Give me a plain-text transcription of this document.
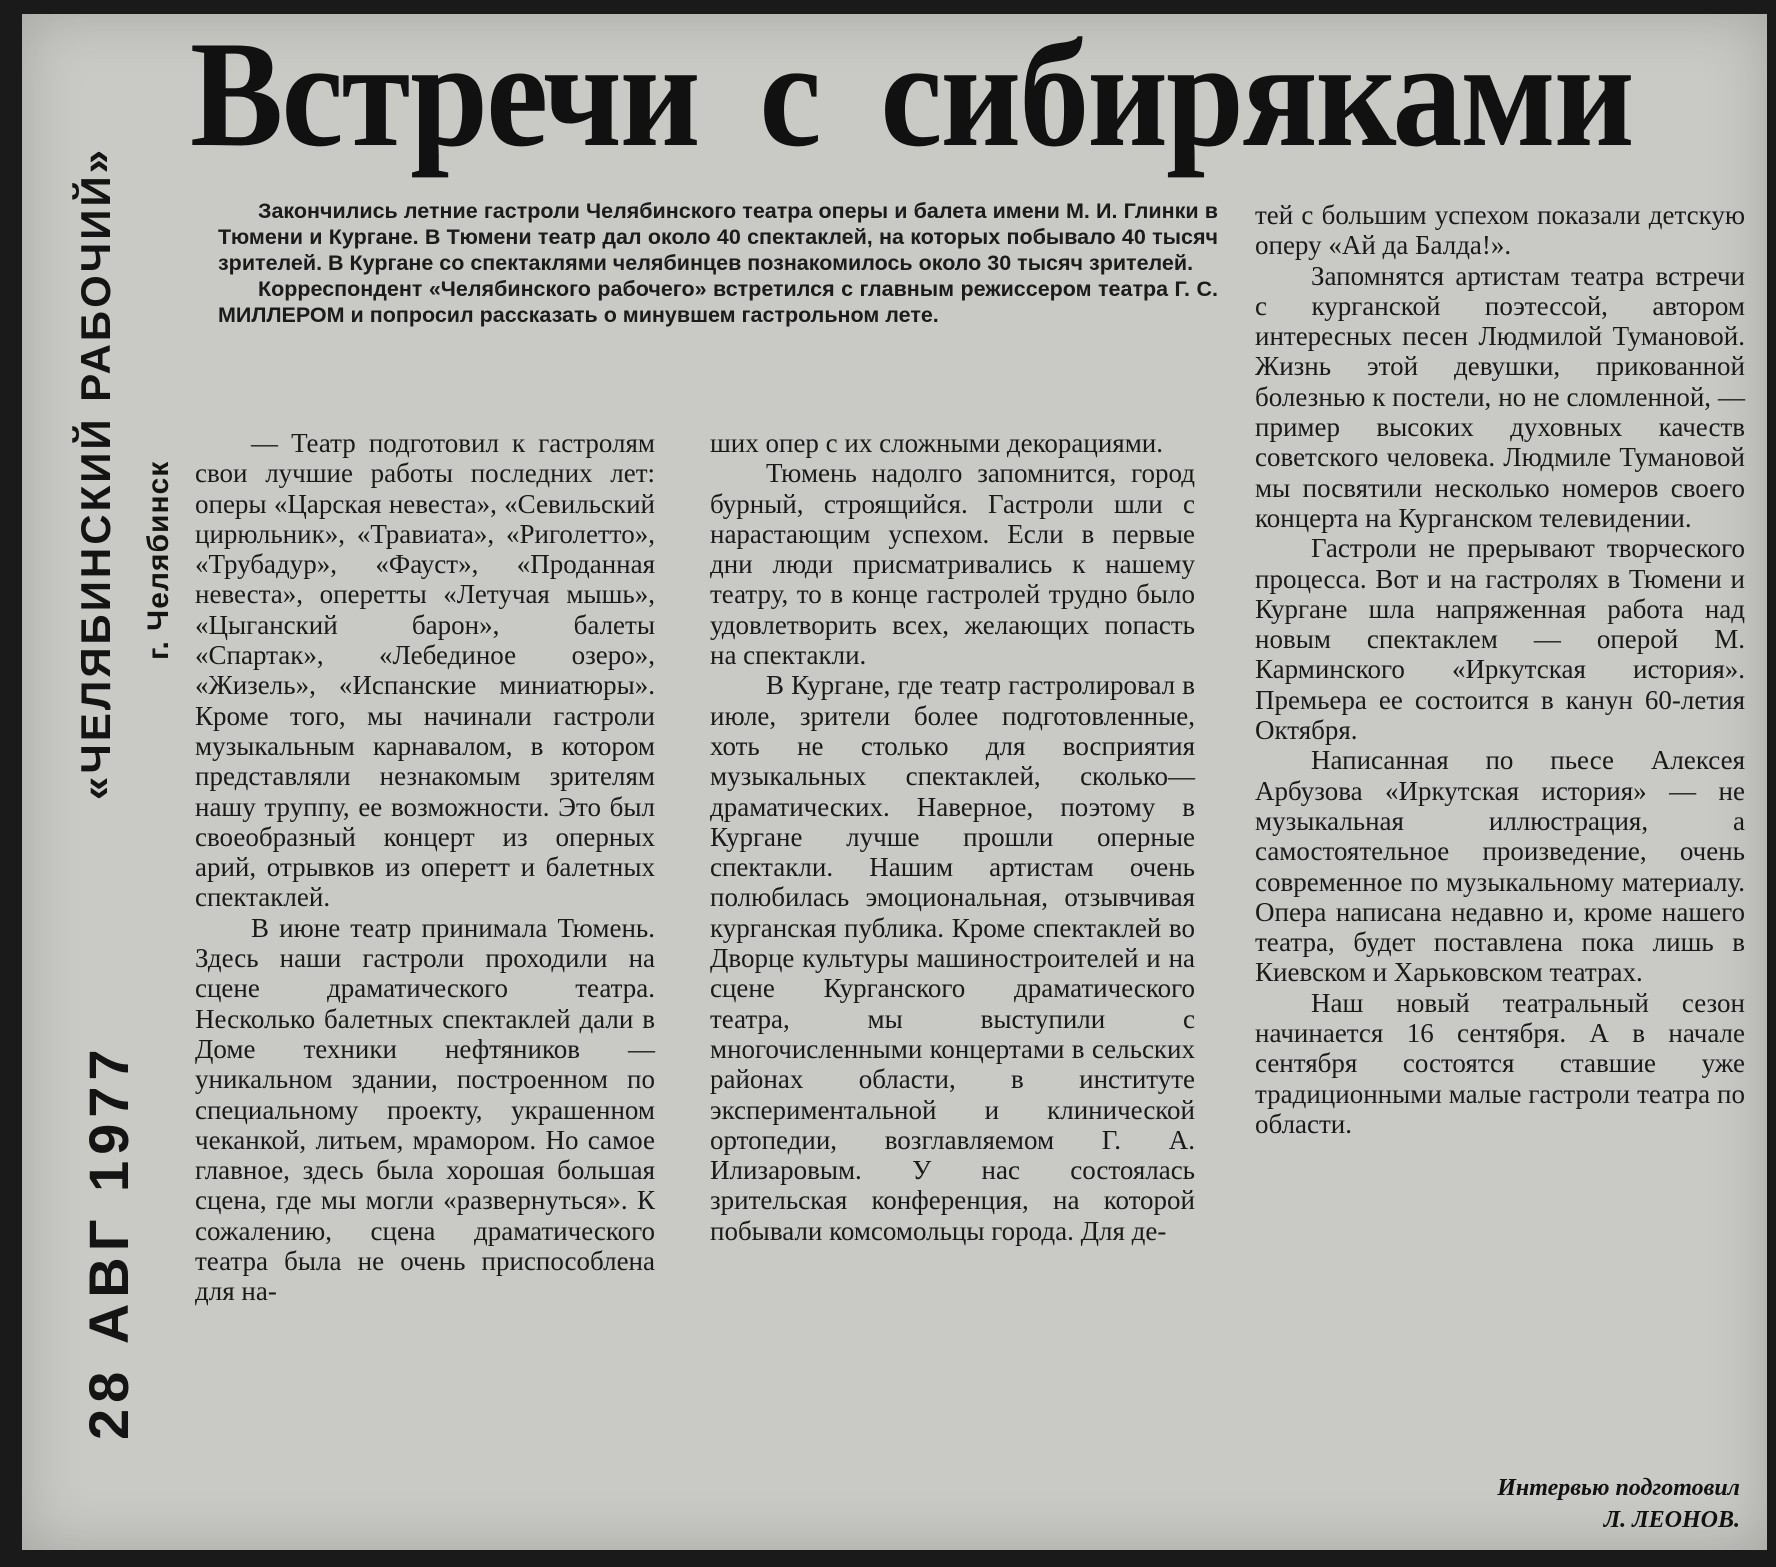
Встречи с сибиряками
«ЧЕЛЯБИНСКИЙ РАБОЧИЙ» г. Челябинск
28 АВГ 1977

Закончились летние гастроли Челябинского театра оперы и балета имени М. И. Глинки в Тюмени и Кургане. В Тюмени театр дал около 40 спектаклей, на которых побывало 40 тысяч зрителей. В Кургане со спектаклями челябинцев познакомилось около 30 тысяч зрителей.

Корреспондент «Челябинского рабочего» встретился с главным режиссером театра Г. С. МИЛЛЕРОМ и попросил рассказать о минувшем гастрольном лете.

— Театр подготовил к гастролям свои лучшие работы последних лет: оперы «Царская невеста», «Севильский цирюльник», «Травиата», «Риголетто», «Трубадур», «Фауст», «Проданная невеста», оперетты «Летучая мышь», «Цыганский барон», балеты «Спартак», «Лебединое озеро», «Жизель», «Испанские миниатюры». Кроме того, мы начинали гастроли музыкальным карнавалом, в котором представляли незнакомым зрителям нашу труппу, ее возможности. Это был своеобразный концерт из оперных арий, отрывков из оперетт и балетных спектаклей.

В июне театр принимала Тюмень. Здесь наши гастроли проходили на сцене драматического театра. Несколько балетных спектаклей дали в Доме техники нефтяников — уникальном здании, построенном по специальному проекту, украшенном чеканкой, литьем, мрамором. Но самое главное, здесь была хорошая большая сцена, где мы могли «развернуться». К сожалению, сцена драматического театра была не очень приспособлена для на-

ших опер с их сложными декорациями.

Тюмень надолго запомнится, город бурный, строящийся. Гастроли шли с нарастающим успехом. Если в первые дни люди присматривались к нашему театру, то в конце гастролей трудно было удовлетворить всех, желающих попасть на спектакли.

В Кургане, где театр гастролировал в июле, зрители более подготовленные, хоть не столько для восприятия музыкальных спектаклей, сколько—драматических. Наверное, поэтому в Кургане лучше прошли оперные спектакли. Нашим артистам очень полюбилась эмоциональная, отзывчивая курганская публика. Кроме спектаклей во Дворце культуры машиностроителей и на сцене Курганского драматического театра, мы выступили с многочисленными концертами в сельских районах области, в институте экспериментальной и клинической ортопедии, возглавляемом Г. А. Илизаровым. У нас состоялась зрительская конференция, на которой побывали комсомольцы города. Для де-

тей с большим успехом показали детскую оперу «Ай да Балда!».

Запомнятся артистам театра встречи с курганской поэтессой, автором интересных песен Людмилой Тумановой. Жизнь этой девушки, прикованной болезнью к постели, но не сломленной, — пример высоких духовных качеств советского человека. Людмиле Тумановой мы посвятили несколько номеров своего концерта на Курганском телевидении.

Гастроли не прерывают творческого процесса. Вот и на гастролях в Тюмени и Кургане шла напряженная работа над новым спектаклем — оперой М. Карминского «Иркутская история». Премьера ее состоится в канун 60-летия Октября.

Написанная по пьесе Алексея Арбузова «Иркутская история» — не музыкальная иллюстрация, а самостоятельное произведение, очень современное по музыкальному материалу. Опера написана недавно и, кроме нашего театра, будет поставлена пока лишь в Киевском и Харьковском театрах.

Наш новый театральный сезон начинается 16 сентября. А в начале сентября состоятся ставшие уже традиционными малые гастроли театра по области.

Интервью подготовил
Л. ЛЕОНОВ.
